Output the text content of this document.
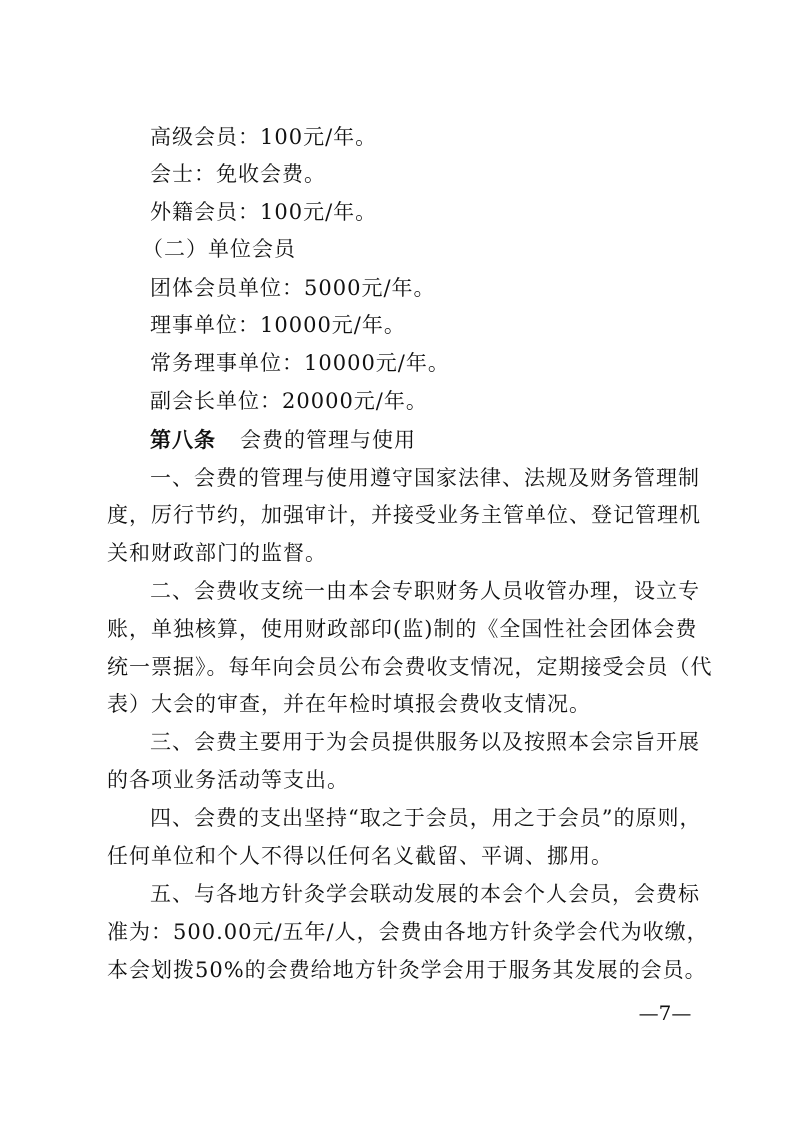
高级会员：100元/年。
会士：免收会费。
外籍会员：100元/年。
（二）单位会员
团体会员单位：5000元/年。
理事单位：10000元/年。
常务理事单位：10000元/年。
副会长单位：20000元/年。
第八条 会费的管理与使用
一、会费的管理与使用遵守国家法律、法规及财务管理制
度，厉行节约，加强审计，并接受业务主管单位、登记管理机
关和财政部门的监督。
二、会费收支统一由本会专职财务人员收管办理，设立专
账，单独核算，使用财政部印(监)制的《全国性社会团体会费
统一票据》。每年向会员公布会费收支情况，定期接受会员（代
表）大会的审查，并在年检时填报会费收支情况。
三、会费主要用于为会员提供服务以及按照本会宗旨开展
的各项业务活动等支出。
四、会费的支出坚持“取之于会员，用之于会员”的原则，
任何单位和个人不得以任何名义截留、平调、挪用。
五、与各地方针灸学会联动发展的本会个人会员，会费标
准为：500.00元/五年/人，会费由各地方针灸学会代为收缴，
本会划拨50%的会费给地方针灸学会用于服务其发展的会员。
—7—
